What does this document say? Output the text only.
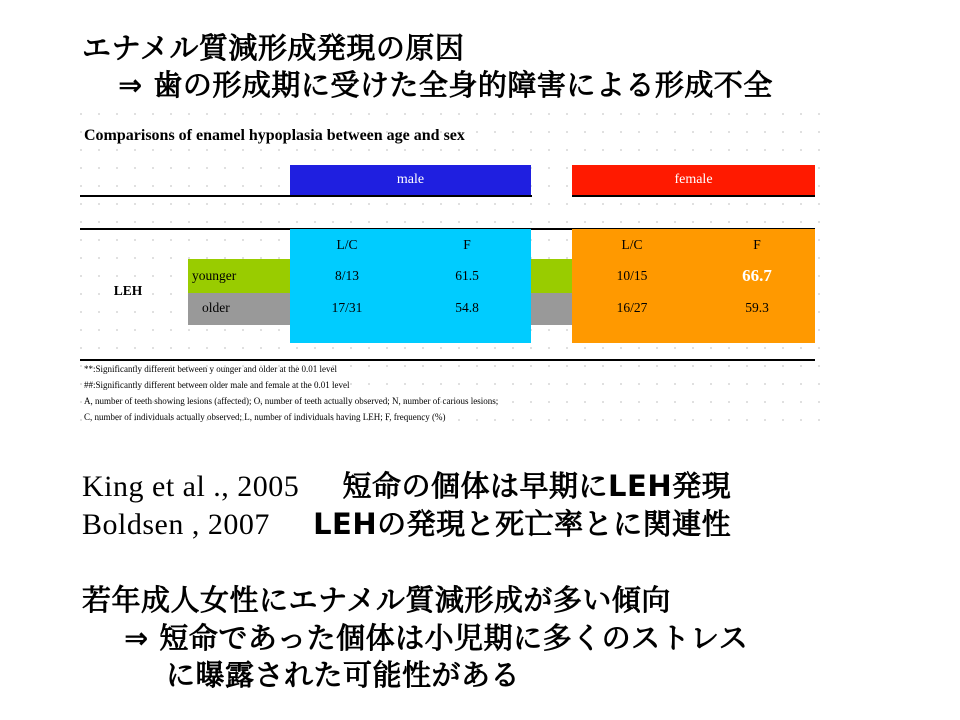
エナメル質減形成発現の原因
⇒ 歯の形成期に受けた全身的障害による形成不全
Comparisons of enamel hypoplasia between age and sex
male	female
L/C	F	L/C	F
LEH
younger	8/13	61.5	10/15	66.7
older	17/31	54.8	16/27	59.3
**:Significantly different between y ounger and older at the 0.01 level
##:Significantly different between older male and female at the 0.01 level
A, number of teeth showing lesions (affected); O, number of teeth actually observed; N, number of carious lesions;
C, number of individuals actually observed; L, number of individuals having LEH; F, frequency (%)
King et al ., 2005 短命の個体は早期にLEH発現
Boldsen , 2007 LEHの発現と死亡率とに関連性
若年成人女性にエナメル質減形成が多い傾向
⇒ 短命であった個体は小児期に多くのストレス
に曝露された可能性がある
